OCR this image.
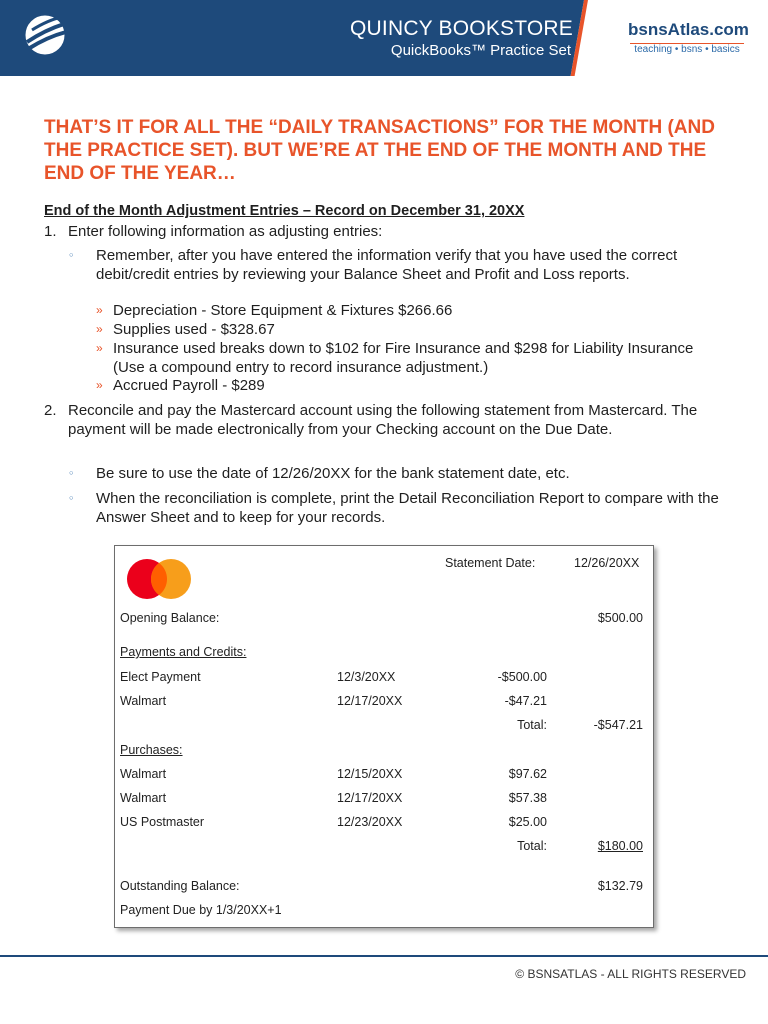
QUINCY BOOKSTORE
QuickBooks™ Practice Set
bsnsAtlas.com
teaching • bsns • basics
THAT’S IT FOR ALL THE “DAILY TRANSACTIONS” FOR THE MONTH (AND THE PRACTICE SET). BUT WE’RE AT THE END OF THE MONTH AND THE END OF THE YEAR…
End of the Month Adjustment Entries – Record on December 31, 20XX
1. Enter following information as adjusting entries:
◦ Remember, after you have entered the information verify that you have used the correct debit/credit entries by reviewing your Balance Sheet and Profit and Loss reports.
» Depreciation - Store Equipment & Fixtures $266.66
» Supplies used - $328.67
» Insurance used breaks down to $102 for Fire Insurance and $298 for Liability Insurance (Use a compound entry to record insurance adjustment.)
» Accrued Payroll - $289
2. Reconcile and pay the Mastercard account using the following statement from Mastercard. The payment will be made electronically from your Checking account on the Due Date.
◦ Be sure to use the date of 12/26/20XX for the bank statement date, etc.
◦ When the reconciliation is complete, print the Detail Reconciliation Report to compare with the Answer Sheet and to keep for your records.
Statement Date:	12/26/20XX
Opening Balance:	$500.00
Payments and Credits:
Elect Payment	12/3/20XX	-$500.00
Walmart	12/17/20XX	-$47.21
Total:	-$547.21
Purchases:
Walmart	12/15/20XX	$97.62
Walmart	12/17/20XX	$57.38
US Postmaster	12/23/20XX	$25.00
Total:	$180.00
Outstanding Balance:	$132.79
Payment Due by 1/3/20XX+1
© BSNSATLAS - ALL RIGHTS RESERVED
